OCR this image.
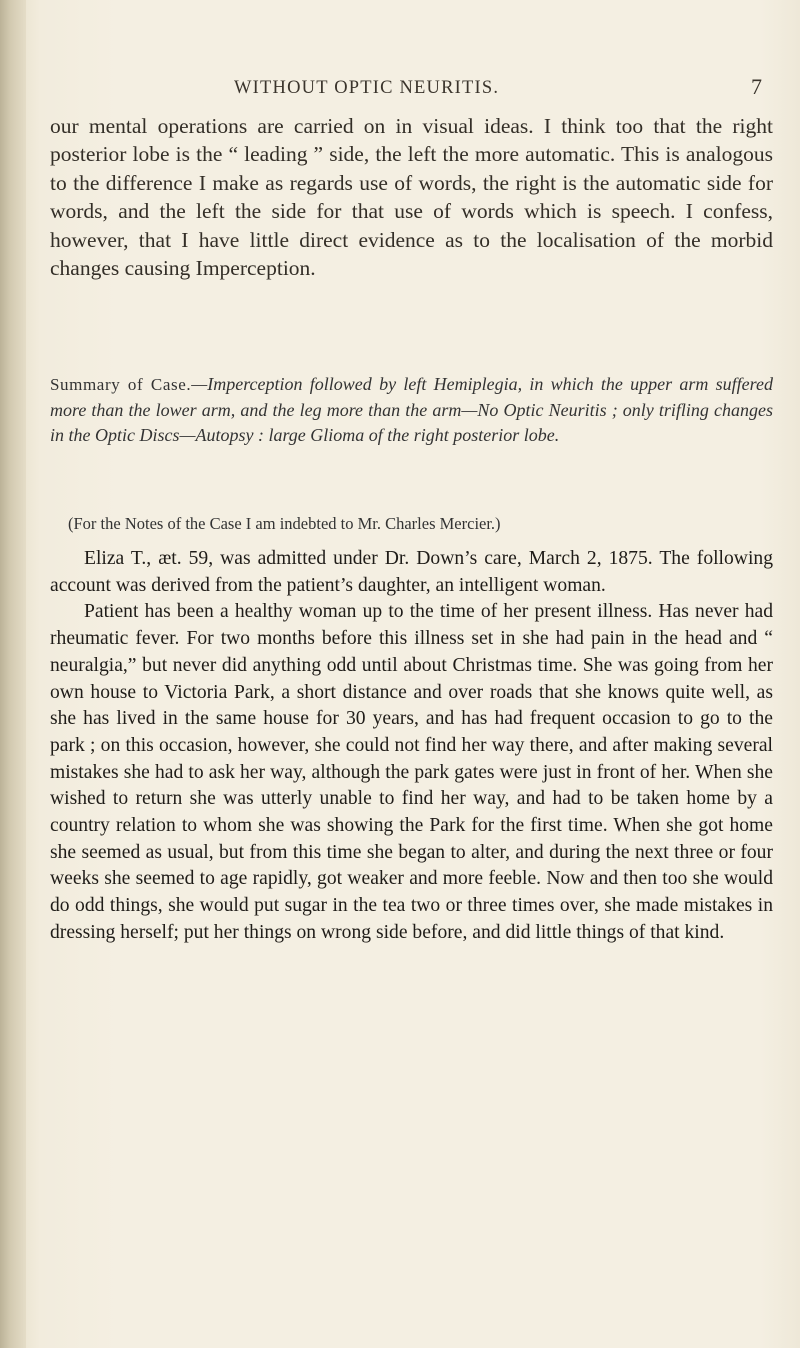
WITHOUT OPTIC NEURITIS.	7

our mental operations are carried on in visual ideas. I think too that the right posterior lobe is the “ leading ” side, the left the more automatic. This is analogous to the difference I make as regards use of words, the right is the automatic side for words, and the left the side for that use of words which is speech. I confess, however, that I have little direct evidence as to the localisation of the morbid changes causing Imperception.

Summary of Case.—Imperception followed by left Hemiplegia, in which the upper arm suffered more than the lower arm, and the leg more than the arm—No Optic Neuritis ; only trifling changes in the Optic Discs—Autopsy : large Glioma of the right posterior lobe.

(For the Notes of the Case I am indebted to Mr. Charles Mercier.)

Eliza T., æt. 59, was admitted under Dr. Down’s care, March 2, 1875. The following account was derived from the patient’s daughter, an intelligent woman.
Patient has been a healthy woman up to the time of her present illness. Has never had rheumatic fever. For two months before this illness set in she had pain in the head and “ neuralgia,” but never did anything odd until about Christmas time. She was going from her own house to Victoria Park, a short distance and over roads that she knows quite well, as she has lived in the same house for 30 years, and has had frequent occasion to go to the park ; on this occasion, however, she could not find her way there, and after making several mistakes she had to ask her way, although the park gates were just in front of her. When she wished to return she was utterly unable to find her way, and had to be taken home by a country relation to whom she was showing the Park for the first time. When she got home she seemed as usual, but from this time she began to alter, and during the next three or four weeks she seemed to age rapidly, got weaker and more feeble. Now and then too she would do odd things, she would put sugar in the tea two or three times over, she made mistakes in dressing herself; put her things on wrong side before, and did little things of that kind.
